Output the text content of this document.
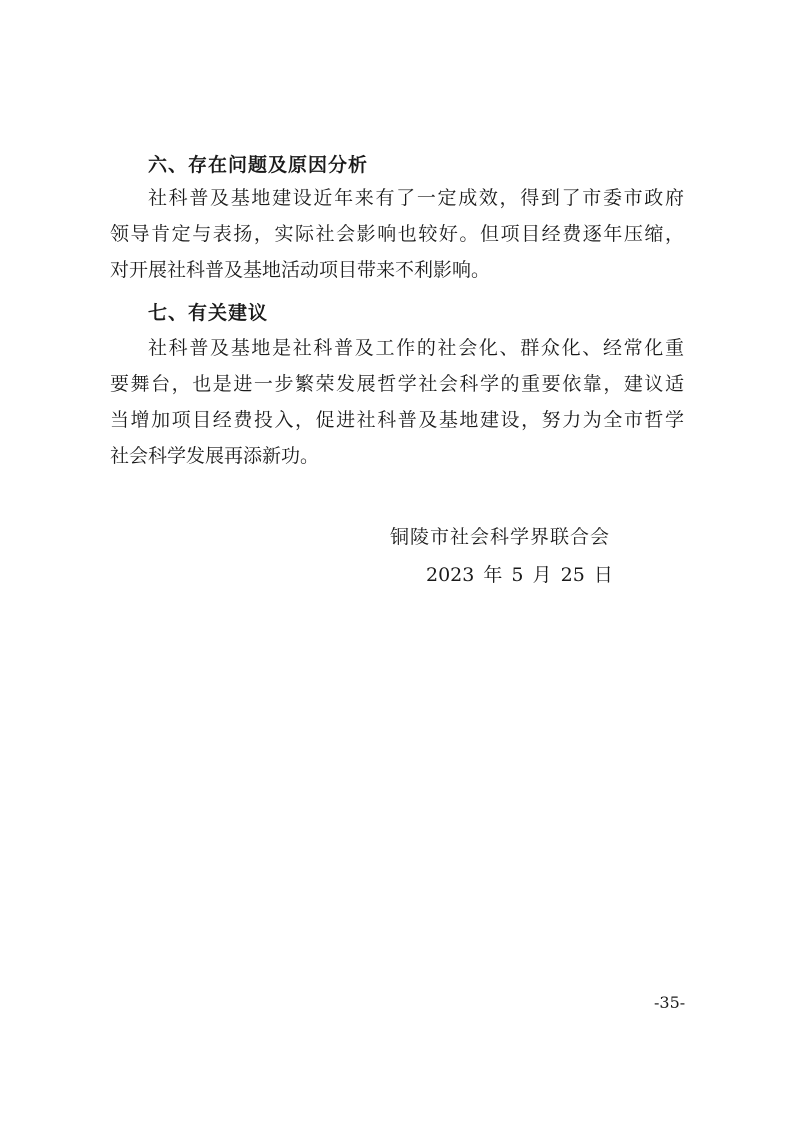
六、存在问题及原因分析
社科普及基地建设近年来有了一定成效，得到了市委市政府
领导肯定与表扬，实际社会影响也较好。但项目经费逐年压缩，
对开展社科普及基地活动项目带来不利影响。
七、有关建议
社科普及基地是社科普及工作的社会化、群众化、经常化重
要舞台，也是进一步繁荣发展哲学社会科学的重要依靠，建议适
当增加项目经费投入，促进社科普及基地建设，努力为全市哲学
社会科学发展再添新功。
铜陵市社会科学界联合会
2023 年 5 月 25 日
-35-
